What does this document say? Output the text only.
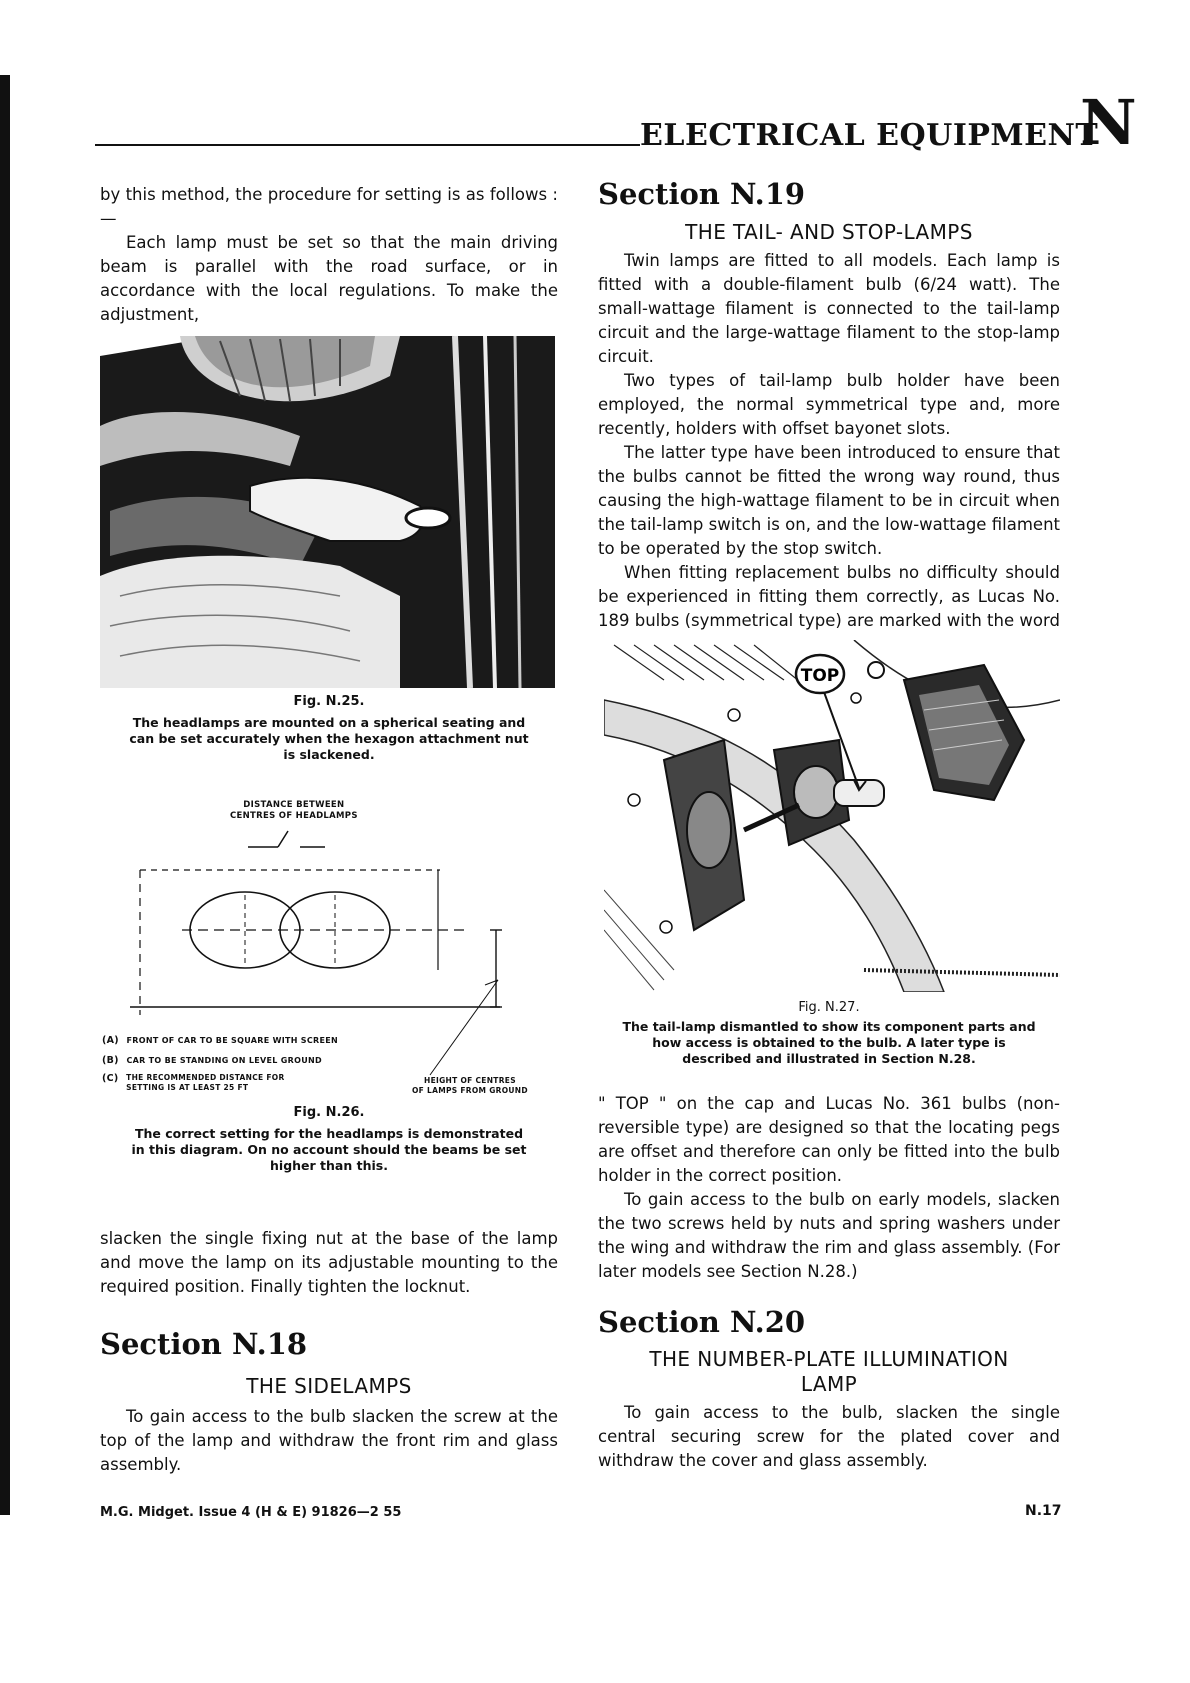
ELECTRICAL EQUIPMENT
N

by this method, the procedure for setting is as follows :—

Each lamp must be set so that the main driving beam is parallel with the road surface, or in accordance with the local regulations. To make the adjustment,

Fig. N.25.
The headlamps are mounted on a spherical seating and can be set accurately when the hexagon attachment nut is slackened.
DISTANCE BETWEEN
CENTRES OF HEADLAMPS
(A) FRONT OF CAR TO BE SQUARE WITH SCREEN
(B) CAR TO BE STANDING ON LEVEL GROUND
(C) THE RECOMMENDED DISTANCE FOR
SETTING IS AT LEAST 25 FT
HEIGHT OF CENTRES
OF LAMPS FROM GROUND
Fig. N.26.
The correct setting for the headlamps is demonstrated in this diagram. On no account should the beams be set higher than this.

slacken the single fixing nut at the base of the lamp and move the lamp on its adjustable mounting to the required position. Finally tighten the locknut.

Section N.18

THE SIDELAMPS

To gain access to the bulb slacken the screw at the top of the lamp and withdraw the front rim and glass assembly.

Section N.19

THE TAIL- AND STOP-LAMPS

Twin lamps are fitted to all models. Each lamp is fitted with a double-filament bulb (6/24 watt). The small-wattage filament is connected to the tail-lamp circuit and the large-wattage filament to the stop-lamp circuit.

Two types of tail-lamp bulb holder have been employed, the normal symmetrical type and, more recently, holders with offset bayonet slots.

The latter type have been introduced to ensure that the bulbs cannot be fitted the wrong way round, thus causing the high-wattage filament to be in circuit when the tail-lamp switch is on, and the low-wattage filament to be operated by the stop switch.

When fitting replacement bulbs no difficulty should be experienced in fitting them correctly, as Lucas No. 189 bulbs (symmetrical type) are marked with the word

TOP
Fig. N.27.
The tail-lamp dismantled to show its component parts and how access is obtained to the bulb. A later type is described and illustrated in Section N.28.

" TOP " on the cap and Lucas No. 361 bulbs (non-reversible type) are designed so that the locating pegs are offset and therefore can only be fitted into the bulb holder in the correct position.

To gain access to the bulb on early models, slacken the two screws held by nuts and spring washers under the wing and withdraw the rim and glass assembly. (For later models see Section N.28.)

Section N.20

THE NUMBER-PLATE ILLUMINATION

LAMP

To gain access to the bulb, slacken the single central securing screw for the plated cover and withdraw the cover and glass assembly.

M.G. Midget. Issue 4 (H & E) 91826—2 55	N.17
